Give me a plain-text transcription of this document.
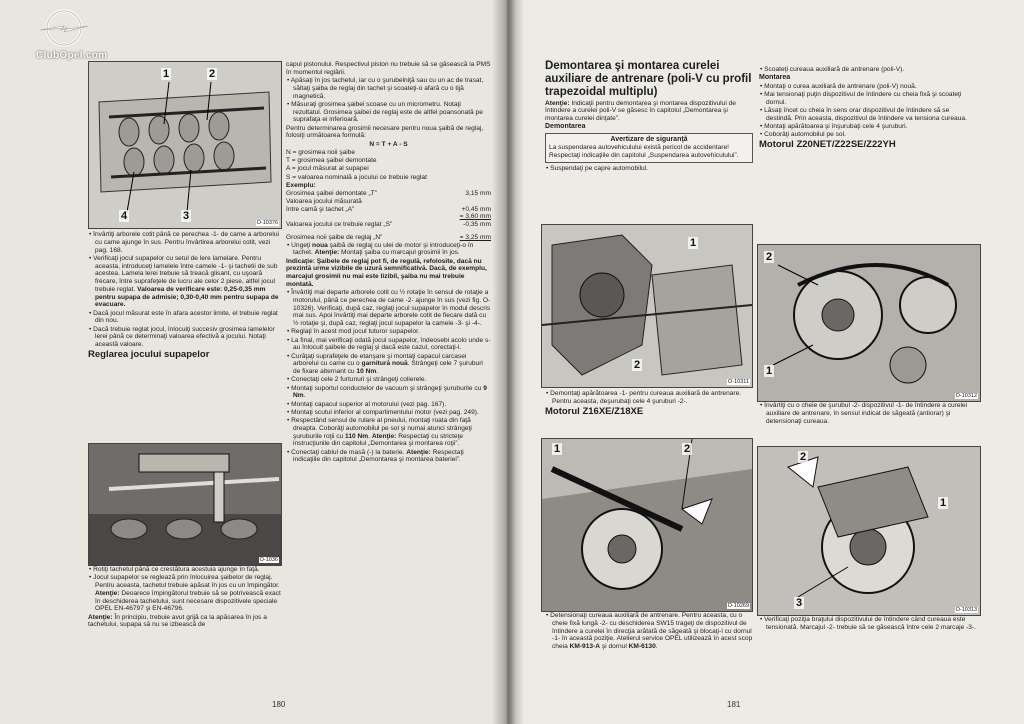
ClubOpel.com
1	2
4	3
O-10376

• Învârtiţi arborele cotit până ce perechea -1- de came a arborelui cu came ajunge în sus. Pentru învârtirea arborelui cotit, vezi pag. 168.

• Verificaţi jocul supapelor cu setul de lere lamelare. Pentru aceasta, introduceţi lamelele între camele -1- şi tachetii de sub acestea. Lamela lerei trebuie să treacă glisant, cu uşoară frecare, între suprafeţele de lucru ale celor 2 piese, altfel jocul trebuie reglat. Valoarea de verificare este: 0,25-0,35 mm pentru supapa de admisie; 0,30-0,40 mm pentru supapa de evacuare.

• Dacă jocul măsurat este în afara acestor limite, el trebuie reglat din nou.

• Dacă trebuie reglat jocul, înlocuiţi succesiv grosimea lamelelor lerei până ce determinaţi valoarea efectivă a jocului. Notaţi această valoare.

Reglarea jocului supapelor

O-1036

• Rotiţi tachetul până ce crestătura acestuia ajunge în faţă.

• Jocul supapelor se reglează prin înlocuirea şaibelor de reglaj. Pentru aceasta, tachetul trebuie apăsat în jos cu un împingător. Atenţie: Deoarece împingătorul trebuie să se potrivească exact în deschiderea tachetului, sunt necesare dispozitivele speciale OPEL EN-46797 şi EN-46796.

Atenţie: În principiu, trebuie avut grijă ca la apăsarea în jos a tachetului, supapa să nu se izbească de

capul pistonului. Respectivul piston nu trebuie să se găsească la PMS în momentul reglării.

• Apăsaţi în jos tachetul, iar cu o şurubelniţă sau cu un ac de trasat, săltaţi şaiba de reglaj din tachet şi scoateţi-o afară cu o tijă magnetică.

• Măsuraţi grosimea şaibei scoase cu un micrometru. Notaţi rezultatul. Grosimea şaibei de reglaj este de altfel poansonată pe suprafaţa ei inferioară.

Pentru determinarea grosimii necesare pentru noua şaibă de reglaj, folosiţi următoarea formulă:

N = T + A - S

N = grosimea noii şaibe

T = grosimea şaibei demontate

A = jocul măsurat al supapei

S = valoarea nominală a jocului ce trebuie reglat

Exemplu:

Grosimea şaibei demontate „T”	3,15 mm
Valoarea jocului măsurată
între camă şi tachet „A”	+0,45 mm
= 3,60 mm
Valoarea jocului ce trebuie reglat „S”	-0,35 mm
Grosimea noii şaibe de reglaj „N”	= 3,25 mm

• Ungeţi noua şaibă de reglaj cu ulei de motor şi introduceţi-o în tachet. Atenţie: Montaţi şaiba cu marcajul grosimii în jos.

Indicaţie: Şaibele de reglaj pot fi, de regulă, refolosite, dacă nu prezintă urme vizibile de uzură semnificativă. Dacă, de exemplu, marcajul grosimii nu mai este lizibil, şaiba nu mai trebuie montată.

• Învârtiţi mai departe arborele cotit cu ½ rotaţie în sensul de rotaţie a motorului, până ce perechea de came -2- ajunge în sus (vezi fig. O-10326). Verificaţi, după caz, reglaţi jocul supapelor în modul descris mai sus. Apoi învârtiţi mai departe arborele cotit de fiecare dată cu ½ rotaţie şi, după caz, reglaţi jocul supapelor la camele -3- şi -4-.

• Reglaţi în acest mod jocul tuturor supapelor.

• La final, mai verificaţi odată jocul supapelor, îndeosebi acolo unde s-au înlocuit şaibele de reglaj şi dacă este cazul, corectaţi-l.

• Curăţaţi suprafeţele de etanşare şi montaţi capacul carcasei arborelui cu came cu o garnitură nouă. Strângeţi cele 7 şuruburi de fixare alternant cu 10 Nm.

• Conectaţi cele 2 furtunuri şi strângeţi colierele.

• Montaţi suportul conductelor de vacuum şi strângeţi şuruburile cu 9 Nm.

• Montaţi capacul superior al motorului (vezi pag. 167).

• Montaţi scutul inferior al compartimentului motor (vezi pag. 249).

• Respectând sensul de rulare al pneului, montaţi roata din faţă dreapta. Coborâţi automobilul pe sol şi numai atunci strângeţi şuruburile roţii cu 110 Nm. Atenţie: Respectaţi cu stricteţe instrucţiunile din capitolul „Demontarea şi montarea roţii”.

• Conectaţi cablul de masă (-) la baterie. Atenţie: Respectaţi indicaţiile din capitolul „Demontarea şi montarea bateriei”.

180

Demontarea şi montarea curelei auxiliare de antrenare (poli-V cu profil trapezoidal multiplu)

Atenţie: Indicaţii pentru demontarea şi montarea dispozitivului de întindere a curelei poli-V se găsesc în capitolul „Demontarea şi montarea curelei dinţate”.

Demontarea

Avertizare de siguranţă

La suspendarea autovehiculului există pericol de accidentare! Respectaţi indicaţiile din capitolul „Suspendarea autovehiculului”.

• Suspendaţi pe capre automobilul.

1
2
O-10311

• Demontaţi apărătoarea -1- pentru cureaua auxiliară de antrenare. Pentru aceasta, deşurubaţi cele 4 şuruburi -2-.

Motorul Z16XE/Z18XE

1	2
O-10269

• Detensionaţi cureaua auxiliară de antrenare. Pentru aceasta, cu o cheie fixă lungă -2- cu deschiderea SW15 trageţi de dispozitivul de întindere a curelei în direcţia arătată de săgeată şi blocaţi-l cu dornul -1- în această poziţie. Atelierul service OPEL utilizează în acest scop cheia KM-913-A şi dornul KM-6130.

• Scoateţi cureaua auxiliară de antrenare (poli-V).

Montarea

• Montaţi o curea auxiliară de antrenare (poli-V) nouă.

• Mai tensionaţi puţin dispozitivul de întindere cu cheia fixă şi scoateţi dornul.

• Lăsaţi încet cu cheia în sens orar dispozitivul de întindere să se destindă. Prin aceasta, dispozitivul de întindere va tensiona cureaua.

• Montaţi apărătoarea şi înşurubaţi cele 4 şuruburi.

• Coborâţi automobilul pe sol.

Motorul Z20NET/Z22SE/Z22YH

2
1
O-10312

• Învârtiţi cu o cheie de şurubul -2- dispozitivul -1- de întindere a curelei auxiliare de antrenare, în sensul indicat de săgeată (antiorar) şi detensionaţi cureaua.

2
3
1
O-10313

• Verificaţi poziţia braţului dispozitivului de întindere când cureaua este tensionată. Marcajul -2- trebuie să se găsească între cele 2 marcaje -3-.

181
